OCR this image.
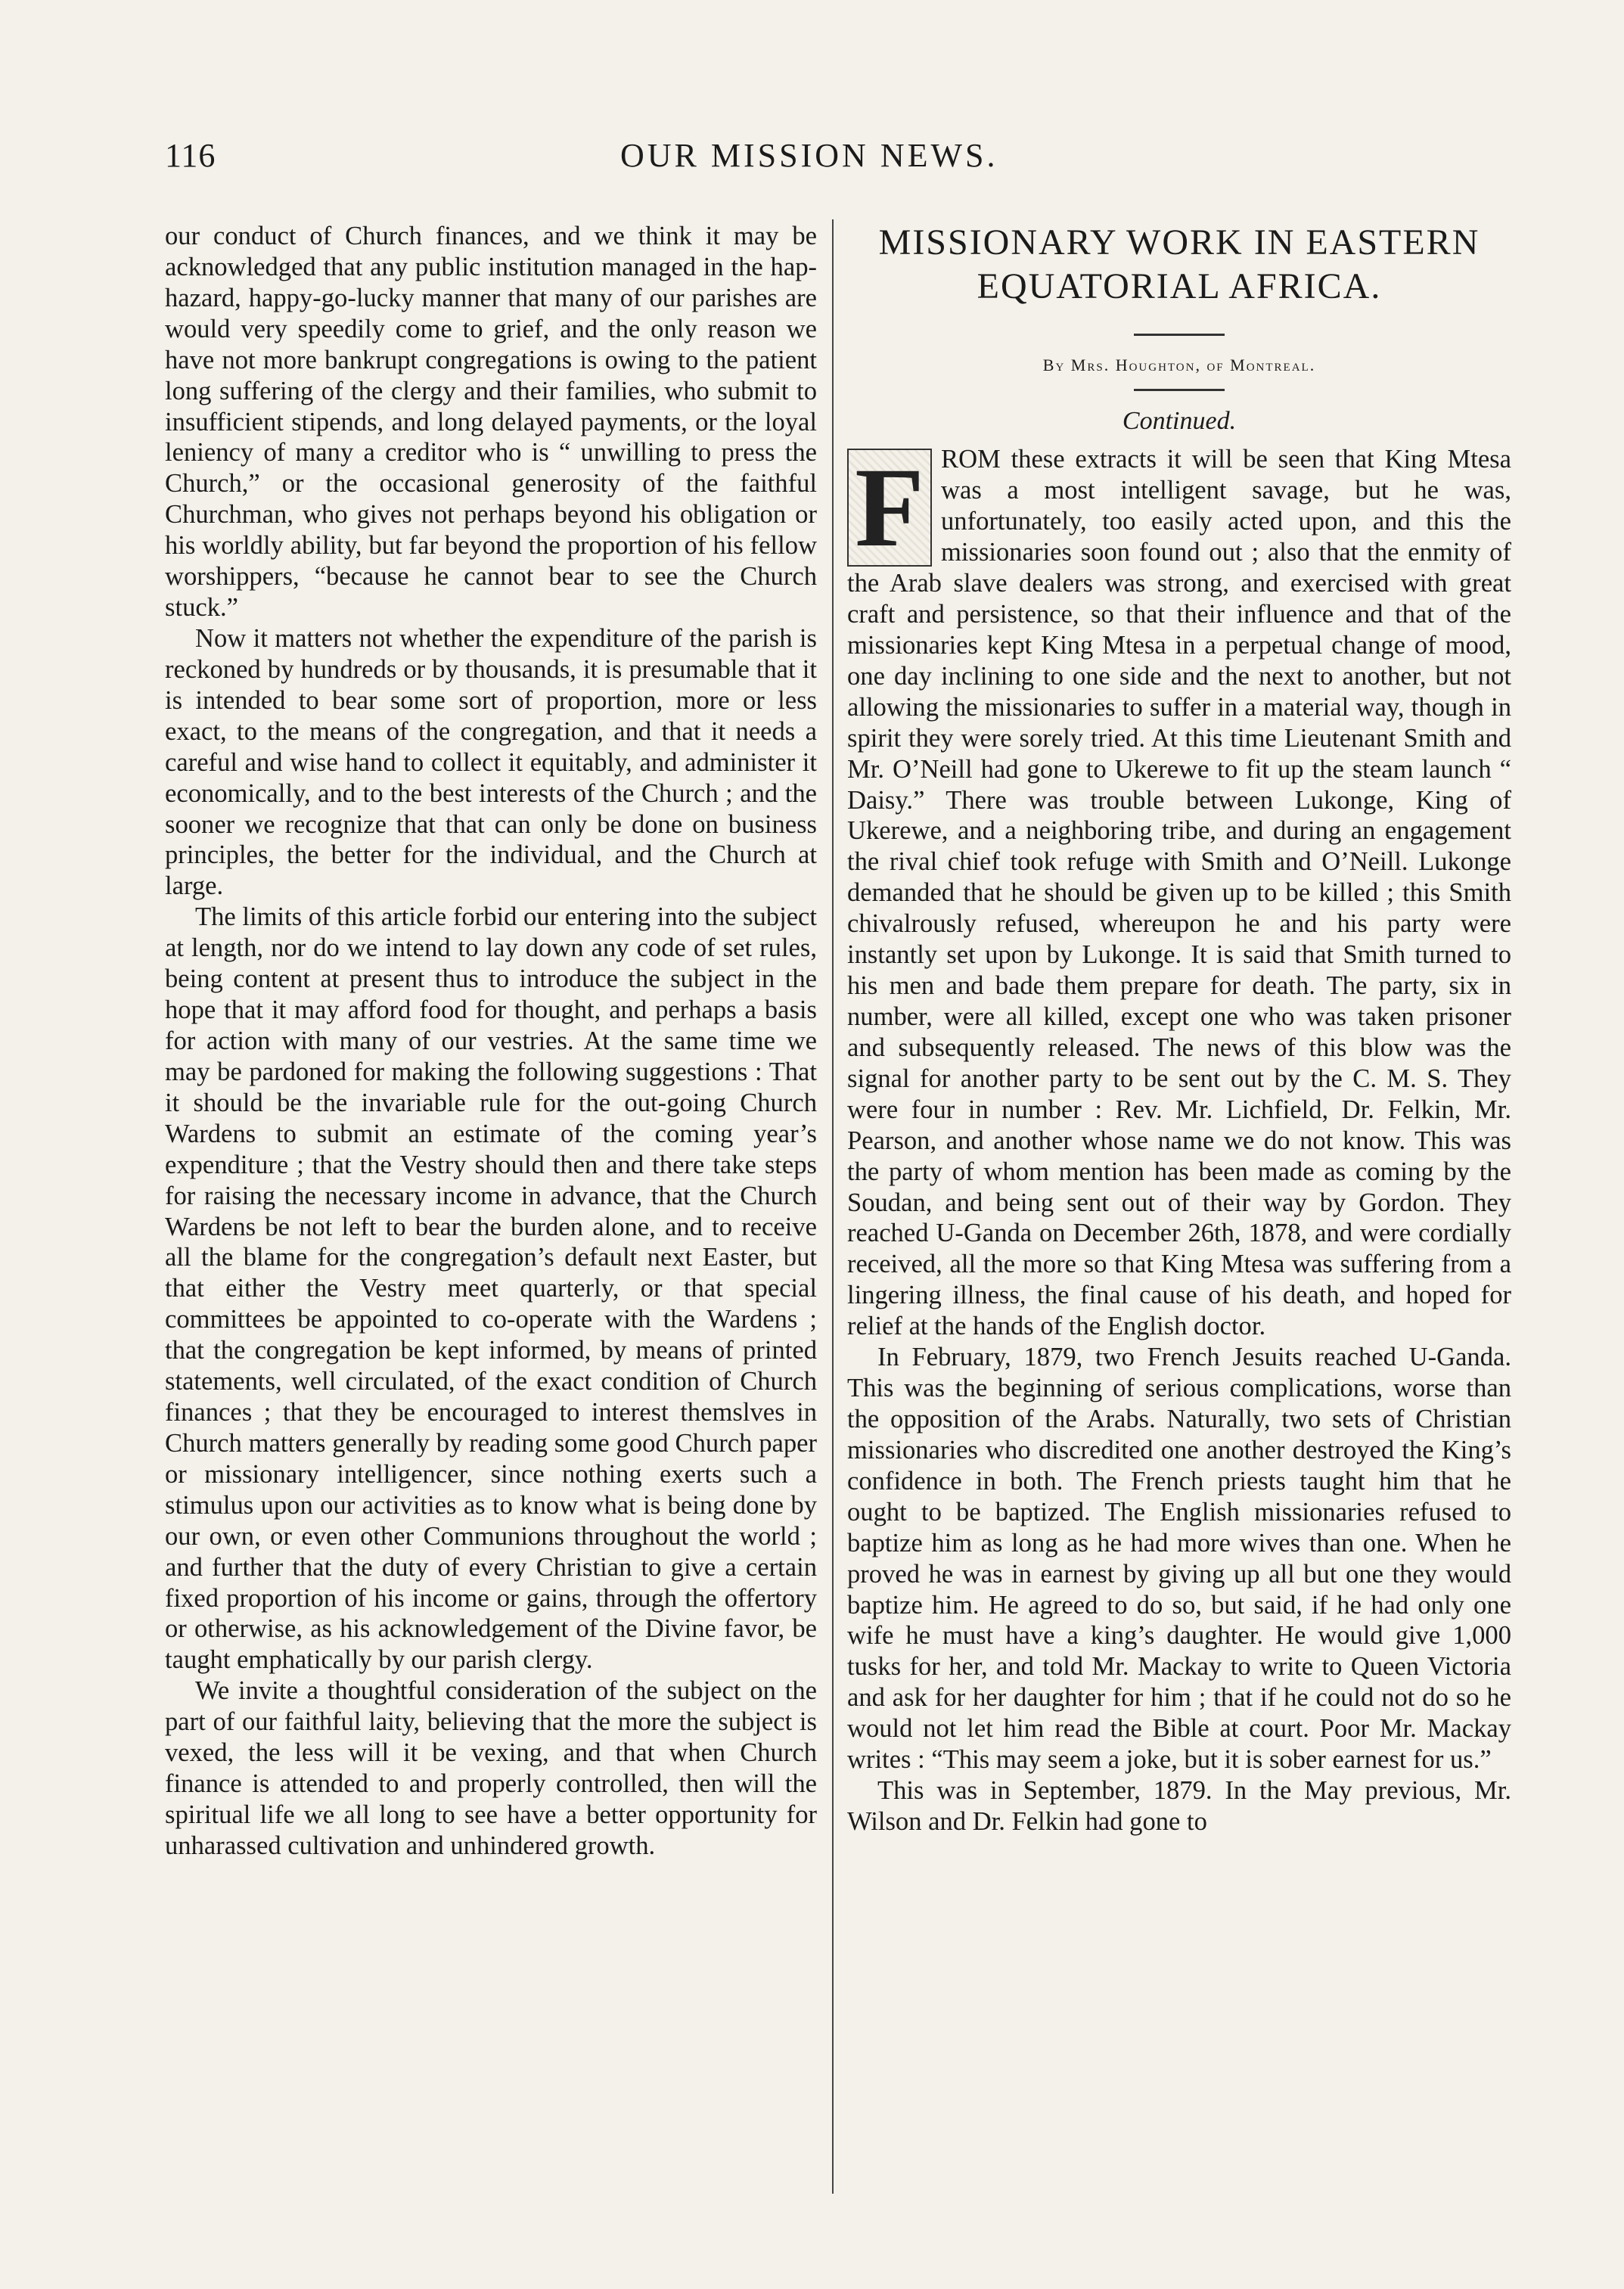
116	OUR MISSION NEWS.

our conduct of Church finances, and we think it may be acknowledged that any public institution managed in the hap-hazard, happy-go-lucky manner that many of our parishes are would very speedily come to grief, and the only reason we have not more bankrupt congregations is owing to the patient long suffering of the clergy and their families, who submit to insufficient stipends, and long delayed payments, or the loyal leniency of many a creditor who is “ unwilling to press the Church,” or the occasional generosity of the faithful Churchman, who gives not perhaps beyond his obligation or his worldly ability, but far beyond the proportion of his fellow worshippers, “because he cannot bear to see the Church stuck.”

Now it matters not whether the expenditure of the parish is reckoned by hundreds or by thousands, it is presumable that it is intended to bear some sort of proportion, more or less exact, to the means of the congregation, and that it needs a careful and wise hand to collect it equitably, and administer it economically, and to the best interests of the Church ; and the sooner we recognize that that can only be done on business principles, the better for the individual, and the Church at large.

The limits of this article forbid our entering into the subject at length, nor do we intend to lay down any code of set rules, being content at present thus to introduce the subject in the hope that it may afford food for thought, and perhaps a basis for action with many of our vestries. At the same time we may be pardoned for making the following suggestions : That it should be the invariable rule for the out-going Church Wardens to submit an estimate of the coming year’s expenditure ; that the Vestry should then and there take steps for raising the necessary income in advance, that the Church Wardens be not left to bear the burden alone, and to receive all the blame for the congregation’s default next Easter, but that either the Vestry meet quarterly, or that special committees be appointed to co-operate with the Wardens ; that the congregation be kept informed, by means of printed statements, well circulated, of the exact condition of Church finances ; that they be encouraged to interest themslves in Church matters generally by reading some good Church paper or missionary intelligencer, since nothing exerts such a stimulus upon our activities as to know what is being done by our own, or even other Communions throughout the world ; and further that the duty of every Christian to give a certain fixed proportion of his income or gains, through the offertory or otherwise, as his acknowledgement of the Divine favor, be taught emphatically by our parish clergy.

We invite a thoughtful consideration of the subject on the part of our faithful laity, believing that the more the subject is vexed, the less will it be vexing, and that when Church finance is attended to and properly controlled, then will the spiritual life we all long to see have a better opportunity for unharassed cultivation and unhindered growth.

MISSIONARY WORK IN EASTERN EQUATORIAL AFRICA.
By Mrs. Houghton, of Montreal.
Continued.

F ROM these extracts it will be seen that King Mtesa was a most intelligent savage, but he was, unfortunately, too easily acted upon, and this the missionaries soon found out ; also that the enmity of the Arab slave dealers was strong, and exercised with great craft and persistence, so that their influence and that of the missionaries kept King Mtesa in a perpetual change of mood, one day inclining to one side and the next to another, but not allowing the missionaries to suffer in a material way, though in spirit they were sorely tried. At this time Lieutenant Smith and Mr. O’Neill had gone to Ukerewe to fit up the steam launch “ Daisy.” There was trouble between Lukonge, King of Ukerewe, and a neighboring tribe, and during an engagement the rival chief took refuge with Smith and O’Neill. Lukonge demanded that he should be given up to be killed ; this Smith chivalrously refused, whereupon he and his party were instantly set upon by Lukonge. It is said that Smith turned to his men and bade them prepare for death. The party, six in number, were all killed, except one who was taken prisoner and subsequently released. The news of this blow was the signal for another party to be sent out by the C. M. S. They were four in number : Rev. Mr. Lichfield, Dr. Felkin, Mr. Pearson, and another whose name we do not know. This was the party of whom mention has been made as coming by the Soudan, and being sent out of their way by Gordon. They reached U-Ganda on December 26th, 1878, and were cordially received, all the more so that King Mtesa was suffering from a lingering illness, the final cause of his death, and hoped for relief at the hands of the English doctor.

In February, 1879, two French Jesuits reached U-Ganda. This was the beginning of serious complications, worse than the opposition of the Arabs. Naturally, two sets of Christian missionaries who discredited one another destroyed the King’s confidence in both. The French priests taught him that he ought to be baptized. The English missionaries refused to baptize him as long as he had more wives than one. When he proved he was in earnest by giving up all but one they would baptize him. He agreed to do so, but said, if he had only one wife he must have a king’s daughter. He would give 1,000 tusks for her, and told Mr. Mackay to write to Queen Victoria and ask for her daughter for him ; that if he could not do so he would not let him read the Bible at court. Poor Mr. Mackay writes : “This may seem a joke, but it is sober earnest for us.”

This was in September, 1879. In the May previous, Mr. Wilson and Dr. Felkin had gone to
